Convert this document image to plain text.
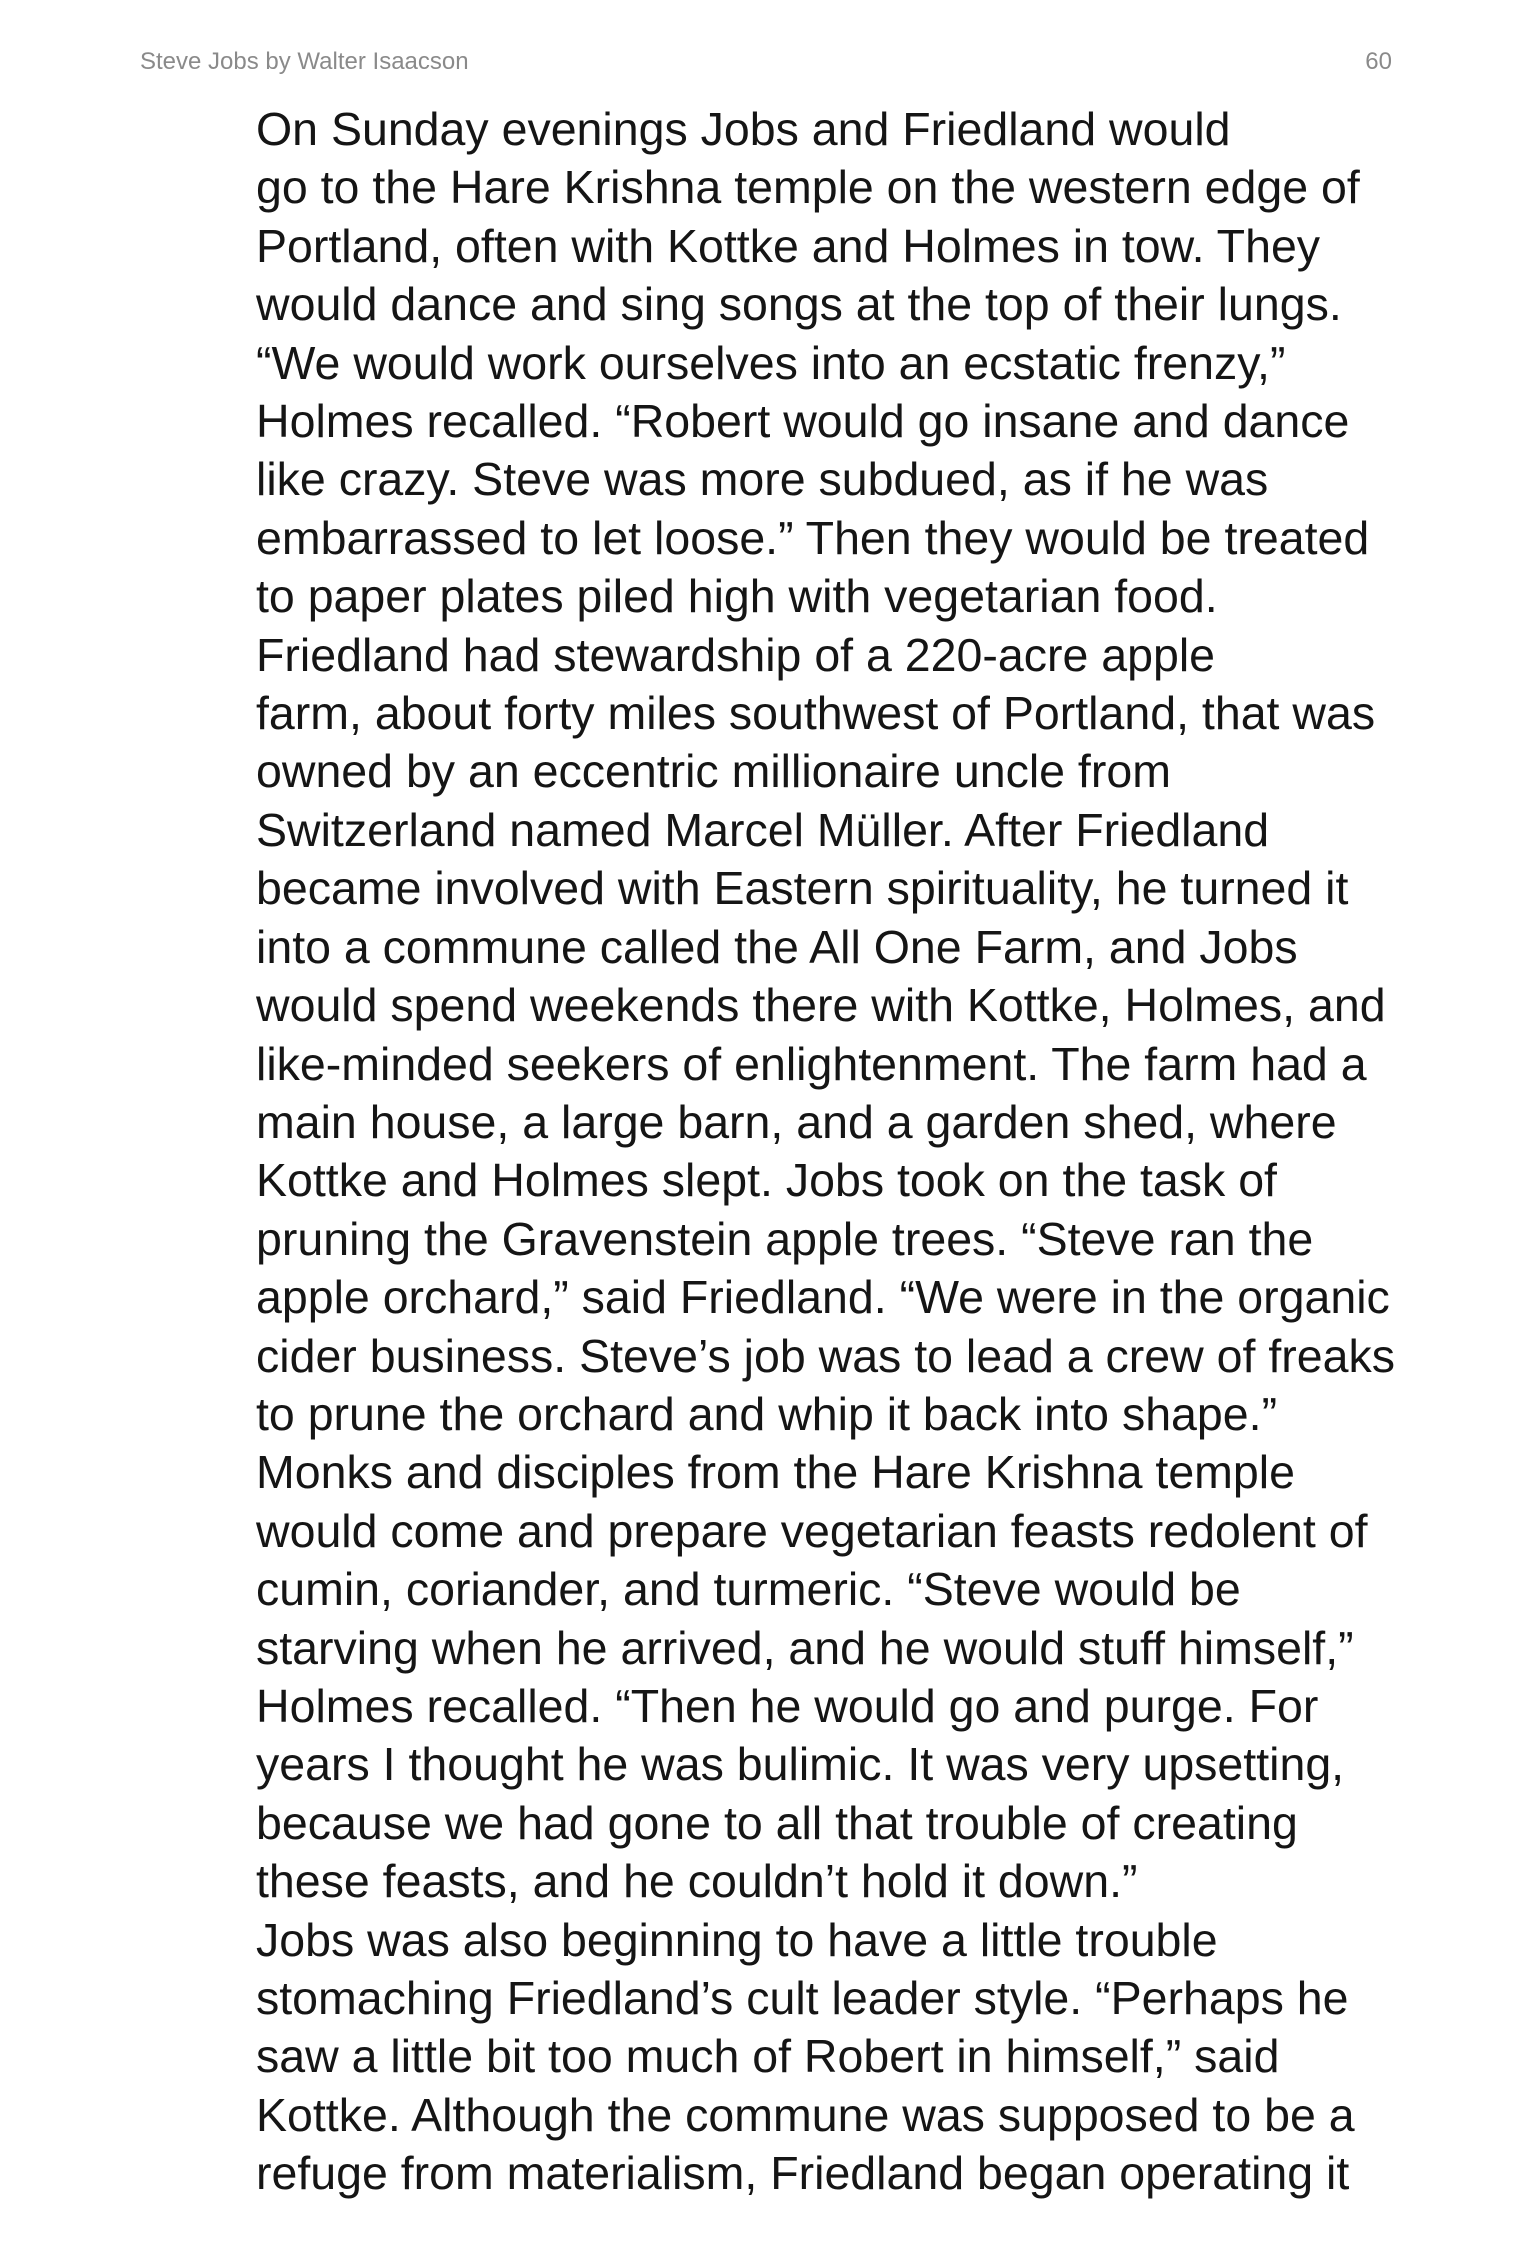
Steve Jobs by Walter Isaacson	60

On Sunday evenings Jobs and Friedland would
go to the Hare Krishna temple on the western edge of
Portland, often with Kottke and Holmes in tow. They
would dance and sing songs at the top of their lungs.
“We would work ourselves into an ecstatic frenzy,”
Holmes recalled. “Robert would go insane and dance
like crazy. Steve was more subdued, as if he was
embarrassed to let loose.” Then they would be treated
to paper plates piled high with vegetarian food.

Friedland had stewardship of a 220-acre apple
farm, about forty miles southwest of Portland, that was
owned by an eccentric millionaire uncle from
Switzerland named Marcel Müller. After Friedland
became involved with Eastern spirituality, he turned it
into a commune called the All One Farm, and Jobs
would spend weekends there with Kottke, Holmes, and
like-minded seekers of enlightenment. The farm had a
main house, a large barn, and a garden shed, where
Kottke and Holmes slept. Jobs took on the task of
pruning the Gravenstein apple trees. “Steve ran the
apple orchard,” said Friedland. “We were in the organic
cider business. Steve’s job was to lead a crew of freaks
to prune the orchard and whip it back into shape.”

Monks and disciples from the Hare Krishna temple
would come and prepare vegetarian feasts redolent of
cumin, coriander, and turmeric. “Steve would be
starving when he arrived, and he would stuff himself,”
Holmes recalled. “Then he would go and purge. For
years I thought he was bulimic. It was very upsetting,
because we had gone to all that trouble of creating
these feasts, and he couldn’t hold it down.”

Jobs was also beginning to have a little trouble
stomaching Friedland’s cult leader style. “Perhaps he
saw a little bit too much of Robert in himself,” said
Kottke. Although the commune was supposed to be a
refuge from materialism, Friedland began operating it
